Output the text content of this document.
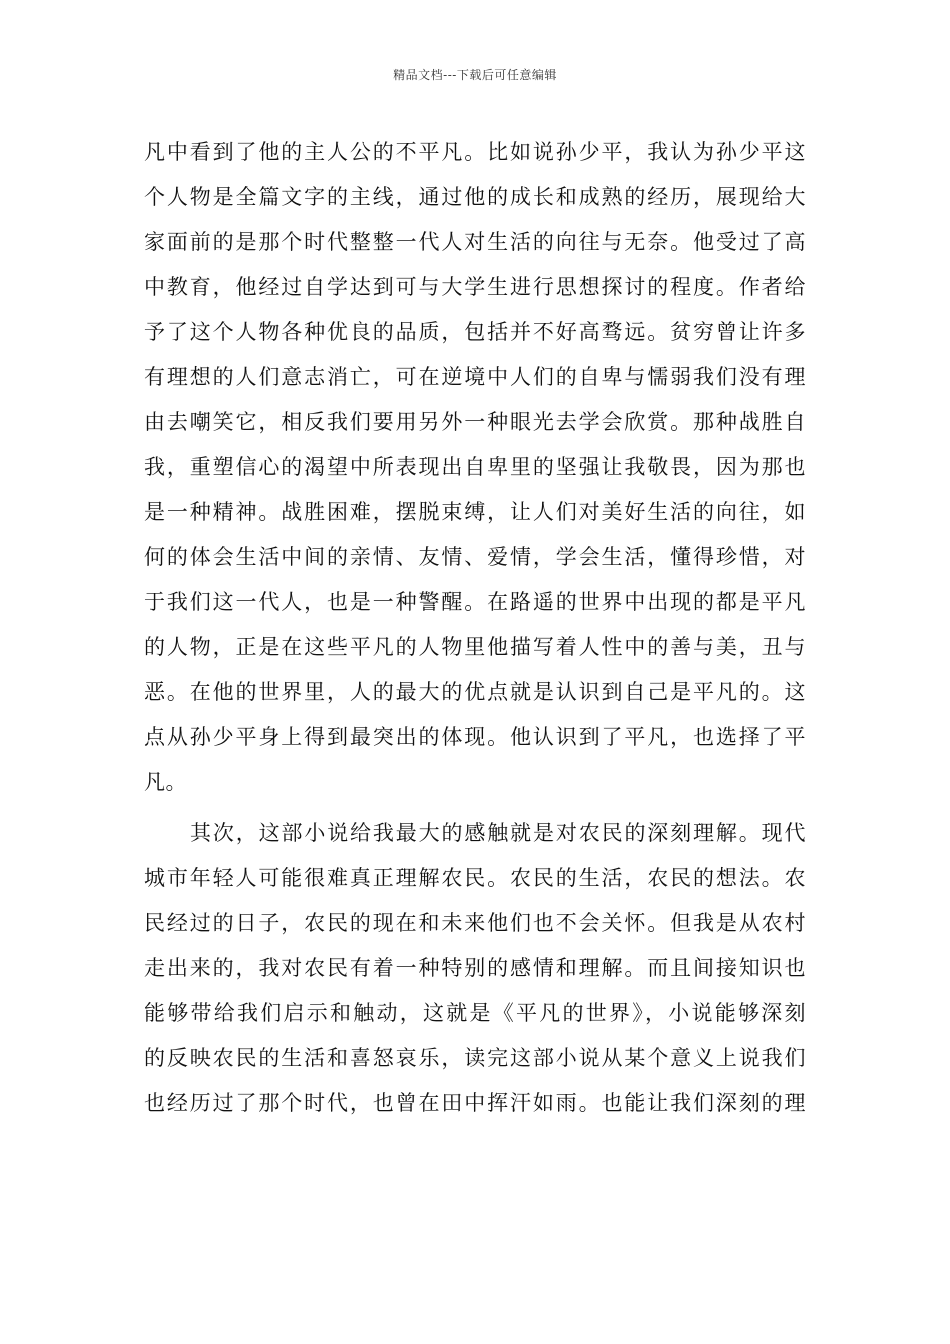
精品文档---下载后可任意编辑
凡中看到了他的主人公的不平凡。比如说孙少平，我认为孙少平这
个人物是全篇文字的主线，通过他的成长和成熟的经历，展现给大
家面前的是那个时代整整一代人对生活的向往与无奈。他受过了高
中教育，他经过自学达到可与大学生进行思想探讨的程度。作者给
予了这个人物各种优良的品质，包括并不好高骛远。贫穷曾让许多
有理想的人们意志消亡，可在逆境中人们的自卑与懦弱我们没有理
由去嘲笑它，相反我们要用另外一种眼光去学会欣赏。那种战胜自
我，重塑信心的渴望中所表现出自卑里的坚强让我敬畏，因为那也
是一种精神。战胜困难，摆脱束缚，让人们对美好生活的向往，如
何的体会生活中间的亲情、友情、爱情，学会生活，懂得珍惜，对
于我们这一代人，也是一种警醒。在路遥的世界中出现的都是平凡
的人物，正是在这些平凡的人物里他描写着人性中的善与美，丑与
恶。在他的世界里，人的最大的优点就是认识到自己是平凡的。这
点从孙少平身上得到最突出的体现。他认识到了平凡，也选择了平
凡。
其次，这部小说给我最大的感触就是对农民的深刻理解。现代
城市年轻人可能很难真正理解农民。农民的生活，农民的想法。农
民经过的日子，农民的现在和未来他们也不会关怀。但我是从农村
走出来的，我对农民有着一种特别的感情和理解。而且间接知识也
能够带给我们启示和触动，这就是《平凡的世界》，小说能够深刻
的反映农民的生活和喜怒哀乐，读完这部小说从某个意义上说我们
也经历过了那个时代，也曾在田中挥汗如雨。也能让我们深刻的理
